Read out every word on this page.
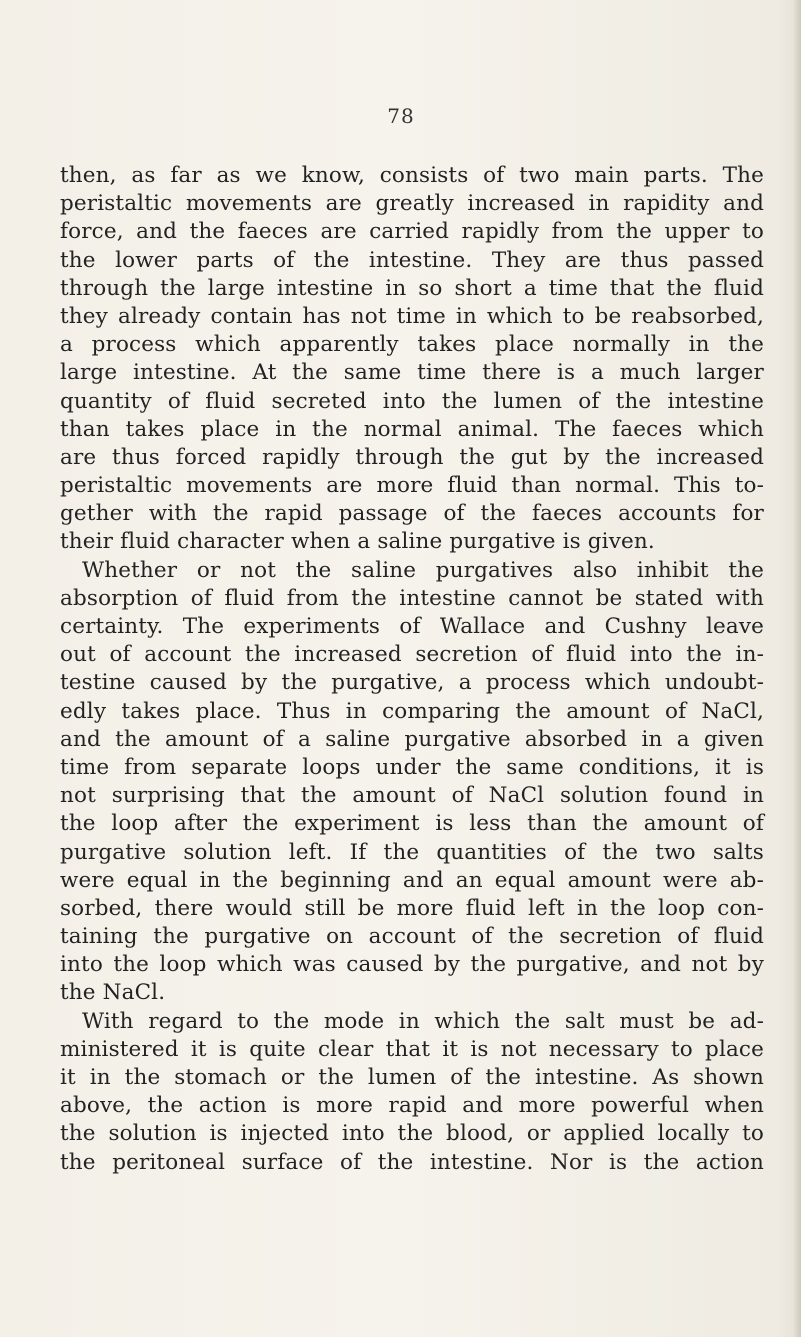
78
then, as far as we know, consists of two main parts. The
peristaltic movements are greatly increased in rapidity and
force, and the faeces are carried rapidly from the upper to
the lower parts of the intestine. They are thus passed
through the large intestine in so short a time that the fluid
they already contain has not time in which to be reabsorbed,
a process which apparently takes place normally in the
large intestine. At the same time there is a much larger
quantity of fluid secreted into the lumen of the intestine
than takes place in the normal animal. The faeces which
are thus forced rapidly through the gut by the increased
peristaltic movements are more fluid than normal. This to-
gether with the rapid passage of the faeces accounts for
their fluid character when a saline purgative is given.
Whether or not the saline purgatives also inhibit the
absorption of fluid from the intestine cannot be stated with
certainty. The experiments of Wallace and Cushny leave
out of account the increased secretion of fluid into the in-
testine caused by the purgative, a process which undoubt-
edly takes place. Thus in comparing the amount of NaCl,
and the amount of a saline purgative absorbed in a given
time from separate loops under the same conditions, it is
not surprising that the amount of NaCl solution found in
the loop after the experiment is less than the amount of
purgative solution left. If the quantities of the two salts
were equal in the beginning and an equal amount were ab-
sorbed, there would still be more fluid left in the loop con-
taining the purgative on account of the secretion of fluid
into the loop which was caused by the purgative, and not by
the NaCl.
With regard to the mode in which the salt must be ad-
ministered it is quite clear that it is not necessary to place
it in the stomach or the lumen of the intestine. As shown
above, the action is more rapid and more powerful when
the solution is injected into the blood, or applied locally to
the peritoneal surface of the intestine. Nor is the action
